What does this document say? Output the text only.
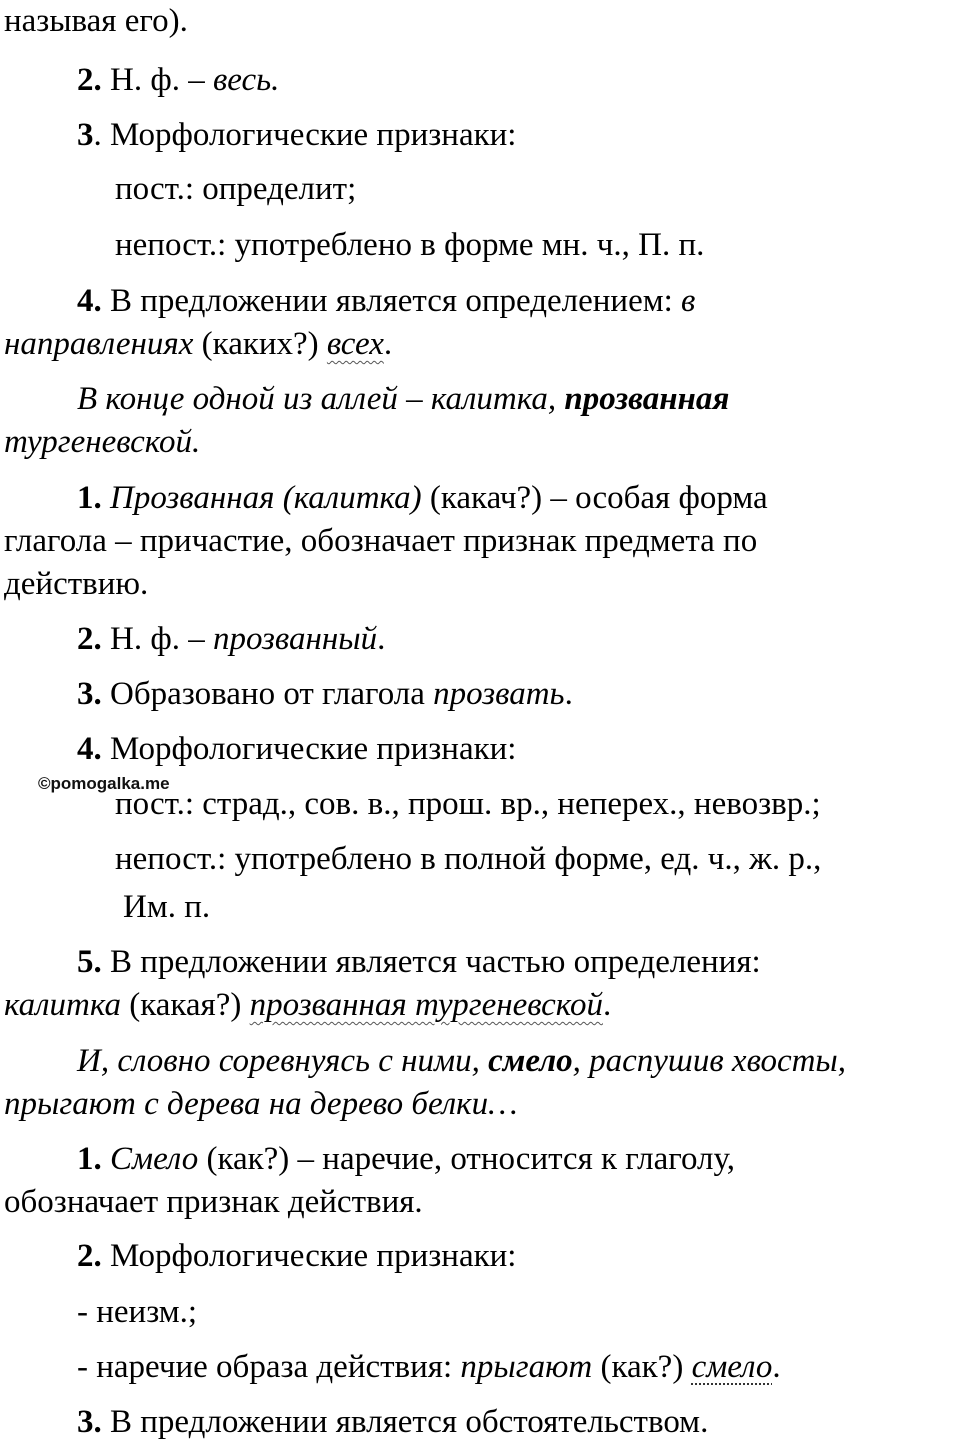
называя его).
2. Н. ф. – весь.
3. Морфологические признаки:
пост.: определит;
непост.: употреблено в форме мн. ч., П. п.
4. В предложении является определением: в
направлениях (каких?) всех.
В конце одной из аллей – калитка, прозванная
тургеневской.
1. Прозванная (калитка) (какач?) – особая форма
глагола – причастие, обозначает признак предмета по
действию.
2. Н. ф. – прозванный.
3. Образовано от глагола прозвать.
4. Морфологические признаки:
©pomogalka.me
пост.: страд., сов. в., прош. вр., неперех., невозвр.;
непост.: употреблено в полной форме, ед. ч., ж. р.,
Им. п.
5. В предложении является частью определения:
калитка (какая?) прозванная тургеневской.
И, словно соревнуясь с ними, смело, распушив хвосты,
прыгают с дерева на дерево белки…
1. Смело (как?) – наречие, относится к глаголу,
обозначает признак действия.
2. Морфологические признаки:
- неизм.;
- наречие образа действия: прыгают (как?) смело.
3. В предложении является обстоятельством.
